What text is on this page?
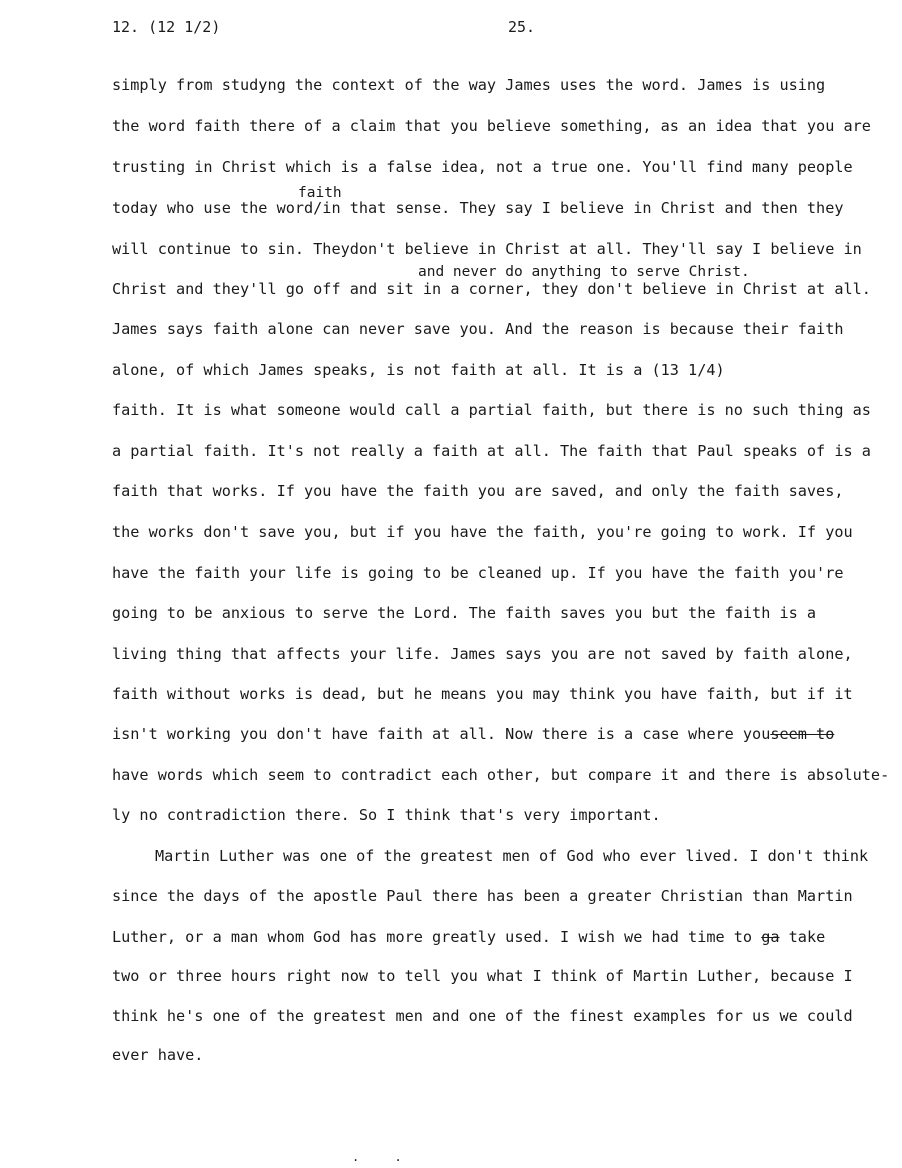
12. (12 1/2)	25.
simply from studyng the context of the way James uses the word. James is using
the word faith there of a claim that you believe something, as an idea that you are
trusting in Christ which is a false idea, not a true one. You'll find many people
faith
today who use the word/in that sense. They say I believe in Christ and then they
will continue to sin. Theydon't believe in Christ at all. They'll say I believe in
and never do anything to serve Christ.
Christ and they'll go off and sit in a corner, they don't believe in Christ at all.
James says faith alone can never save you. And the reason is because their faith
alone, of which James speaks, is not faith at all. It is a (13 1/4)
faith. It is what someone would call a partial faith, but there is no such thing as
a partial faith. It's not really a faith at all. The faith that Paul speaks of is a
faith that works. If you have the faith you are saved, and only the faith saves,
the works don't save you, but if you have the faith, you're going to work. If you
have the faith your life is going to be cleaned up. If you have the faith you're
going to be anxious to serve the Lord. The faith saves you but the faith is a
living thing that affects your life. James says you are not saved by faith alone,
faith without works is dead, but he means you may think you have faith, but if it
isn't working you don't have faith at all. Now there is a case where youseem to
have words which seem to contradict each other, but compare it and there is absolute-
ly no contradiction there. So I think that's very important.
Martin Luther was one of the greatest men of God who ever lived. I don't think
since the days of the apostle Paul there has been a greater Christian than Martin
Luther, or a man whom God has more greatly used. I wish we had time to ga take
two or three hours right now to tell you what I think of Martin Luther, because I
think he's one of the greatest men and one of the finest examples for us we could
ever have.
. .
